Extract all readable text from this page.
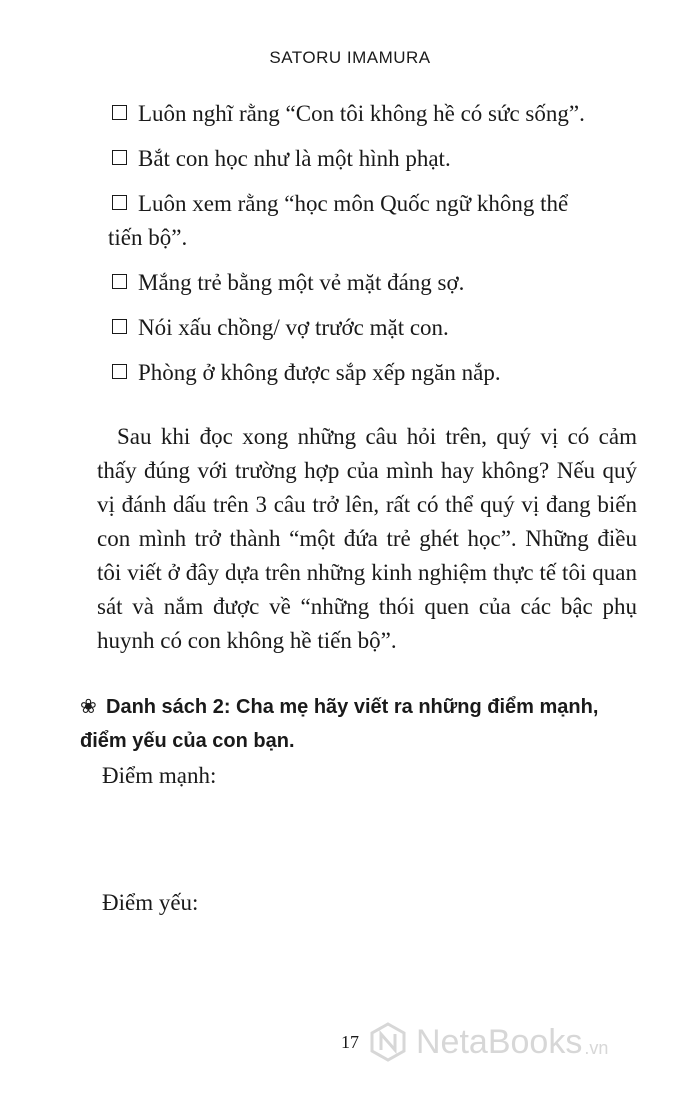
SATORU IMAMURA
Luôn nghĩ rằng “Con tôi không hề có sức sống”.
Bắt con học như là một hình phạt.
Luôn xem rằng “học môn Quốc ngữ không thể
tiến bộ”.
Mắng trẻ bằng một vẻ mặt đáng sợ.
Nói xấu chồng/ vợ trước mặt con.
Phòng ở không được sắp xếp ngăn nắp.
Sau khi đọc xong những câu hỏi trên, quý vị có cảm thấy đúng với trường hợp của mình hay không? Nếu quý vị đánh dấu trên 3 câu trở lên, rất có thể quý vị đang biến con mình trở thành “một đứa trẻ ghét học”. Những điều tôi viết ở đây dựa trên những kinh nghiệm thực tế tôi quan sát và nắm được về “những thói quen của các bậc phụ huynh có con không hề tiến bộ”.
❀ Danh sách 2: Cha mẹ hãy viết ra những điểm mạnh, điểm yếu của con bạn.
Điểm mạnh:
Điểm yếu:
17	NetaBooks .vn
